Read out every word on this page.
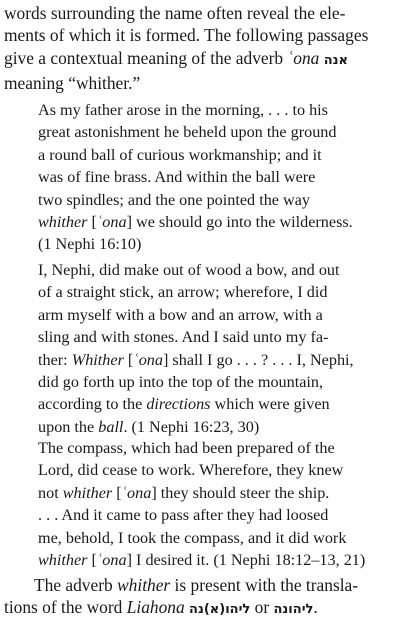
words surrounding the name often reveal the ele-
ments of which it is formed. The following passages
give a contextual meaning of the adverb ʿona אנה
meaning “whither.”
As my father arose in the morning, . . . to his
great astonishment he beheld upon the ground
a round ball of curious workmanship; and it
was of fine brass. And within the ball were
two spindles; and the one pointed the way
whither [ʿona] we should go into the wilderness.
(1 Nephi 16:10)
I, Nephi, did make out of wood a bow, and out
of a straight stick, an arrow; wherefore, I did
arm myself with a bow and an arrow, with a
sling and with stones. And I said unto my fa-
ther: Whither [ʿona] shall I go . . . ? . . . I, Nephi,
did go forth up into the top of the mountain,
according to the directions which were given
upon the ball. (1 Nephi 16:23, 30)
The compass, which had been prepared of the
Lord, did cease to work. Wherefore, they knew
not whither [ʿona] they should steer the ship.
. . . And it came to pass after they had loosed
me, behold, I took the compass, and it did work
whither [ʿona] I desired it. (1 Nephi 18:12–13, 21)
The adverb whither is present with the transla-
tions of the word Liahona ליהו(א)נה or ליהונה.
